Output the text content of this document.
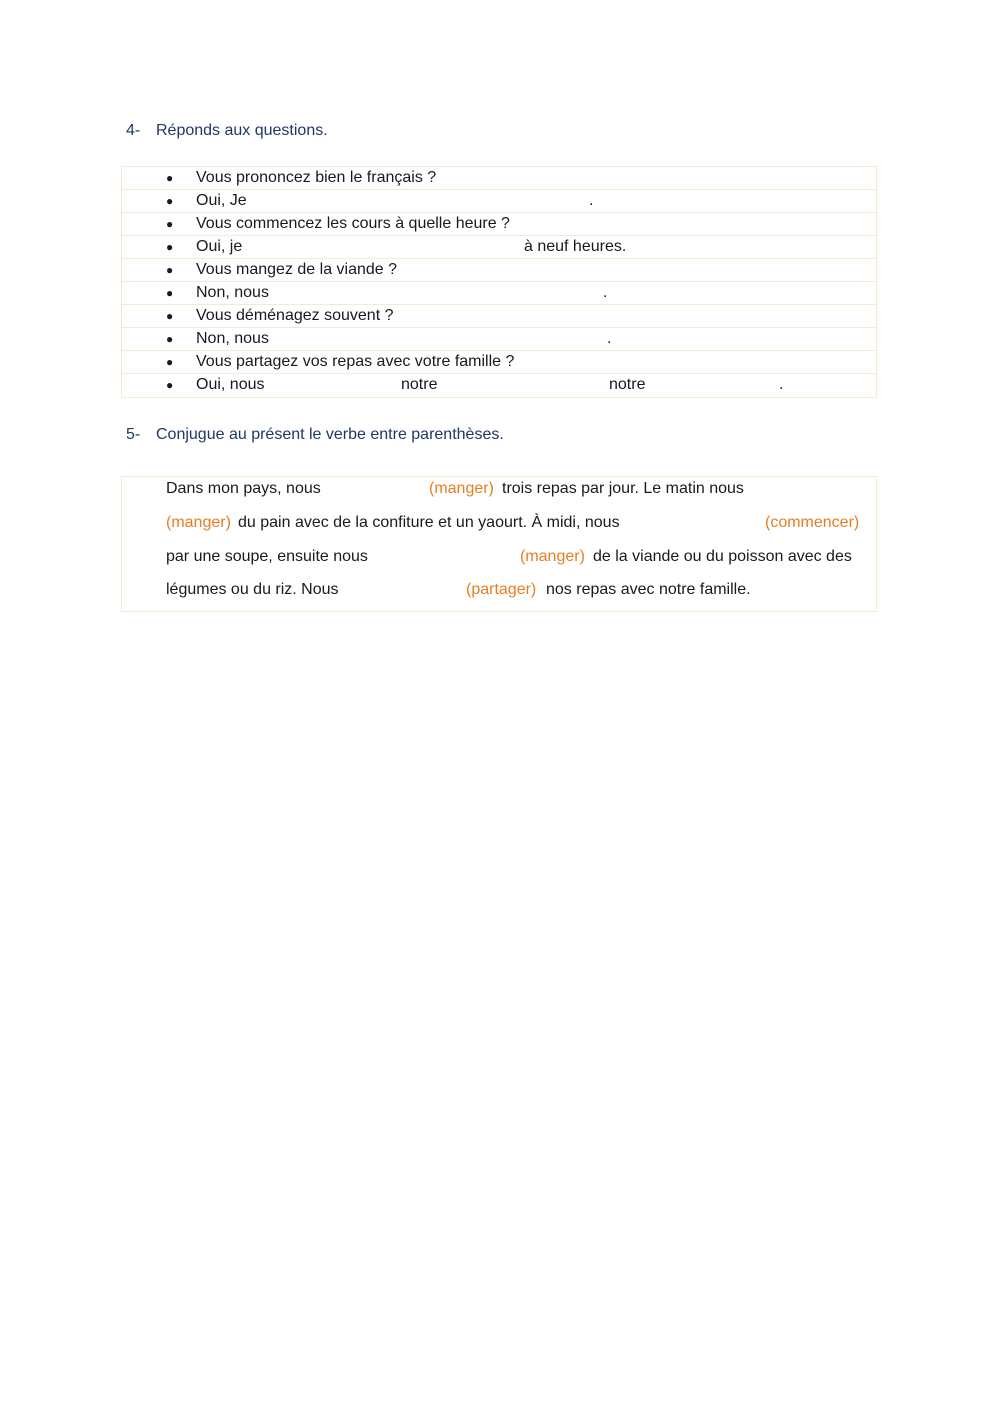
4- Réponds aux questions.
● Vous prononcez bien le français ?
● Oui, Je	.
● Vous commencez les cours à quelle heure ?
● Oui, je	à neuf heures.
● Vous mangez de la viande ?
● Non, nous	.
● Vous déménagez souvent ?
● Non, nous	.
● Vous partagez vos repas avec votre famille ?
● Oui, nous	notre	notre	.
5- Conjugue au présent le verbe entre parenthèses.
Dans mon pays, nous	(manger) trois repas par jour. Le matin nous
(manger) du pain avec de la confiture et un yaourt. À midi, nous	(commencer)
par une soupe, ensuite nous	(manger) de la viande ou du poisson avec des
légumes ou du riz. Nous	(partager) nos repas avec notre famille.
